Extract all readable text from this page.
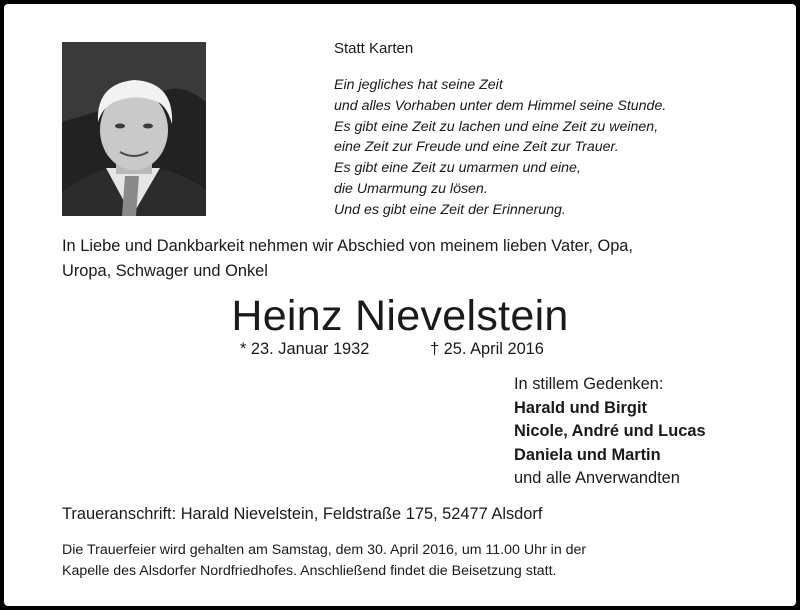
Statt Karten
Ein jegliches hat seine Zeit
und alles Vorhaben unter dem Himmel seine Stunde.
Es gibt eine Zeit zu lachen und eine Zeit zu weinen,
eine Zeit zur Freude und eine Zeit zur Trauer.
Es gibt eine Zeit zu umarmen und eine,
die Umarmung zu lösen.
Und es gibt eine Zeit der Erinnerung.
In Liebe und Dankbarkeit nehmen wir Abschied von meinem lieben Vater, Opa,
Uropa, Schwager und Onkel
Heinz Nievelstein
* 23. Januar 1932	† 25. April 2016
In stillem Gedenken:
Harald und Birgit
Nicole, André und Lucas
Daniela und Martin
und alle Anverwandten
Traueranschrift: Harald Nievelstein, Feldstraße 175, 52477 Alsdorf
Die Trauerfeier wird gehalten am Samstag, dem 30. April 2016, um 11.00 Uhr in der
Kapelle des Alsdorfer Nordfriedhofes. Anschließend findet die Beisetzung statt.
